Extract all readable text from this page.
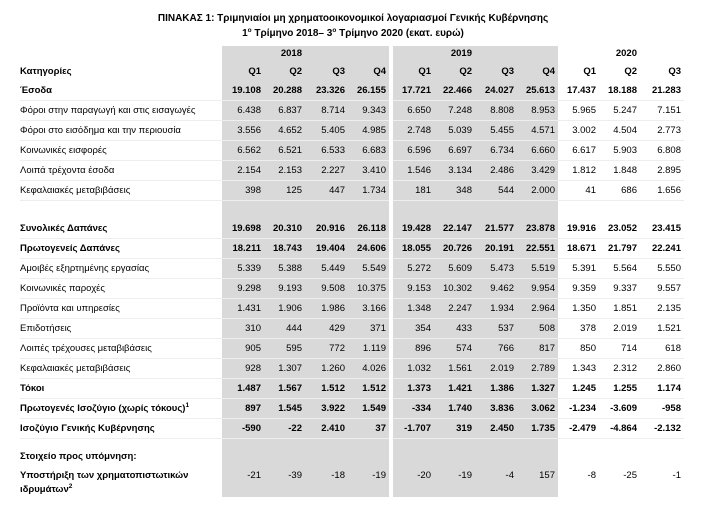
ΠΙΝΑΚΑΣ 1: Τριμηνιαίοι μη χρηματοοικονομικοί λογαριασμοί Γενικής Κυβέρνησης
$1^o$ Τρίμηνο 2018– $3^o$ Τρίμηνο 2020 (εκατ. ευρώ)
		2018					2019				2020	
Κατηγορίες	Q1	Q2	Q3	Q4		Q1	Q2	Q3	Q4	Q1	Q2	Q3
Έσοδα	19.108	20.288	23.326	26.155		17.721	22.466	24.027	25.613	17.437	18.188	21.283
Φόροι στην παραγωγή και στις εισαγωγές	6.438	6.837	8.714	9.343		6.650	7.248	8.808	8.953	5.965	5.247	7.151
Φόροι στο εισόδημα και την περιουσία	3.556	4.652	5.405	4.985		2.748	5.039	5.455	4.571	3.002	4.504	2.773
Κοινωνικές εισφορές	6.562	6.521	6.533	6.683		6.596	6.697	6.734	6.660	6.617	5.903	6.808
Λοιπά τρέχοντα έσοδα	2.154	2.153	2.227	3.410		1.546	3.134	2.486	3.429	1.812	1.848	2.895
Κεφαλαιακές μεταβιβάσεις	398	125	447	1.734		181	348	544	2.000	41	686	1.656

Συνολικές Δαπάνες	19.698	20.310	20.916	26.118		19.428	22.147	21.577	23.878	19.916	23.052	23.415
Πρωτογενείς Δαπάνες	18.211	18.743	19.404	24.606		18.055	20.726	20.191	22.551	18.671	21.797	22.241
Αμοιβές εξηρτημένης εργασίας	5.339	5.388	5.449	5.549		5.272	5.609	5.473	5.519	5.391	5.564	5.550
Κοινωνικές παροχές	9.298	9.193	9.508	10.375		9.153	10.302	9.462	9.954	9.359	9.337	9.557
Προϊόντα και υπηρεσίες	1.431	1.906	1.986	3.166		1.348	2.247	1.934	2.964	1.350	1.851	2.135
Επιδοτήσεις	310	444	429	371		354	433	537	508	378	2.019	1.521
Λοιπές τρέχουσες μεταβιβάσεις	905	595	772	1.119		896	574	766	817	850	714	618
Κεφαλαιακές μεταβιβάσεις	928	1.307	1.260	4.026		1.032	1.561	2.019	2.789	1.343	2.312	2.860
Τόκοι	1.487	1.567	1.512	1.512		1.373	1.421	1.386	1.327	1.245	1.255	1.174
Πρωτογενές Ισοζύγιο (χωρίς τόκους)$^1$	897	1.545	3.922	1.549		-334	1.740	3.836	3.062	-1.234	-3.609	-958
Ισοζύγιο Γενικής Κυβέρνησης	-590	-22	2.410	37		-1.707	319	2.450	1.735	-2.479	-4.864	-2.132

Στοιχείο προς υπόμνηση:												
Υποστήριξη των χρηματοπιστωτικών
ιδρυμάτων$^2$	-21	-39	-18	-19		-20	-19	-4	157	-8	-25	-1
